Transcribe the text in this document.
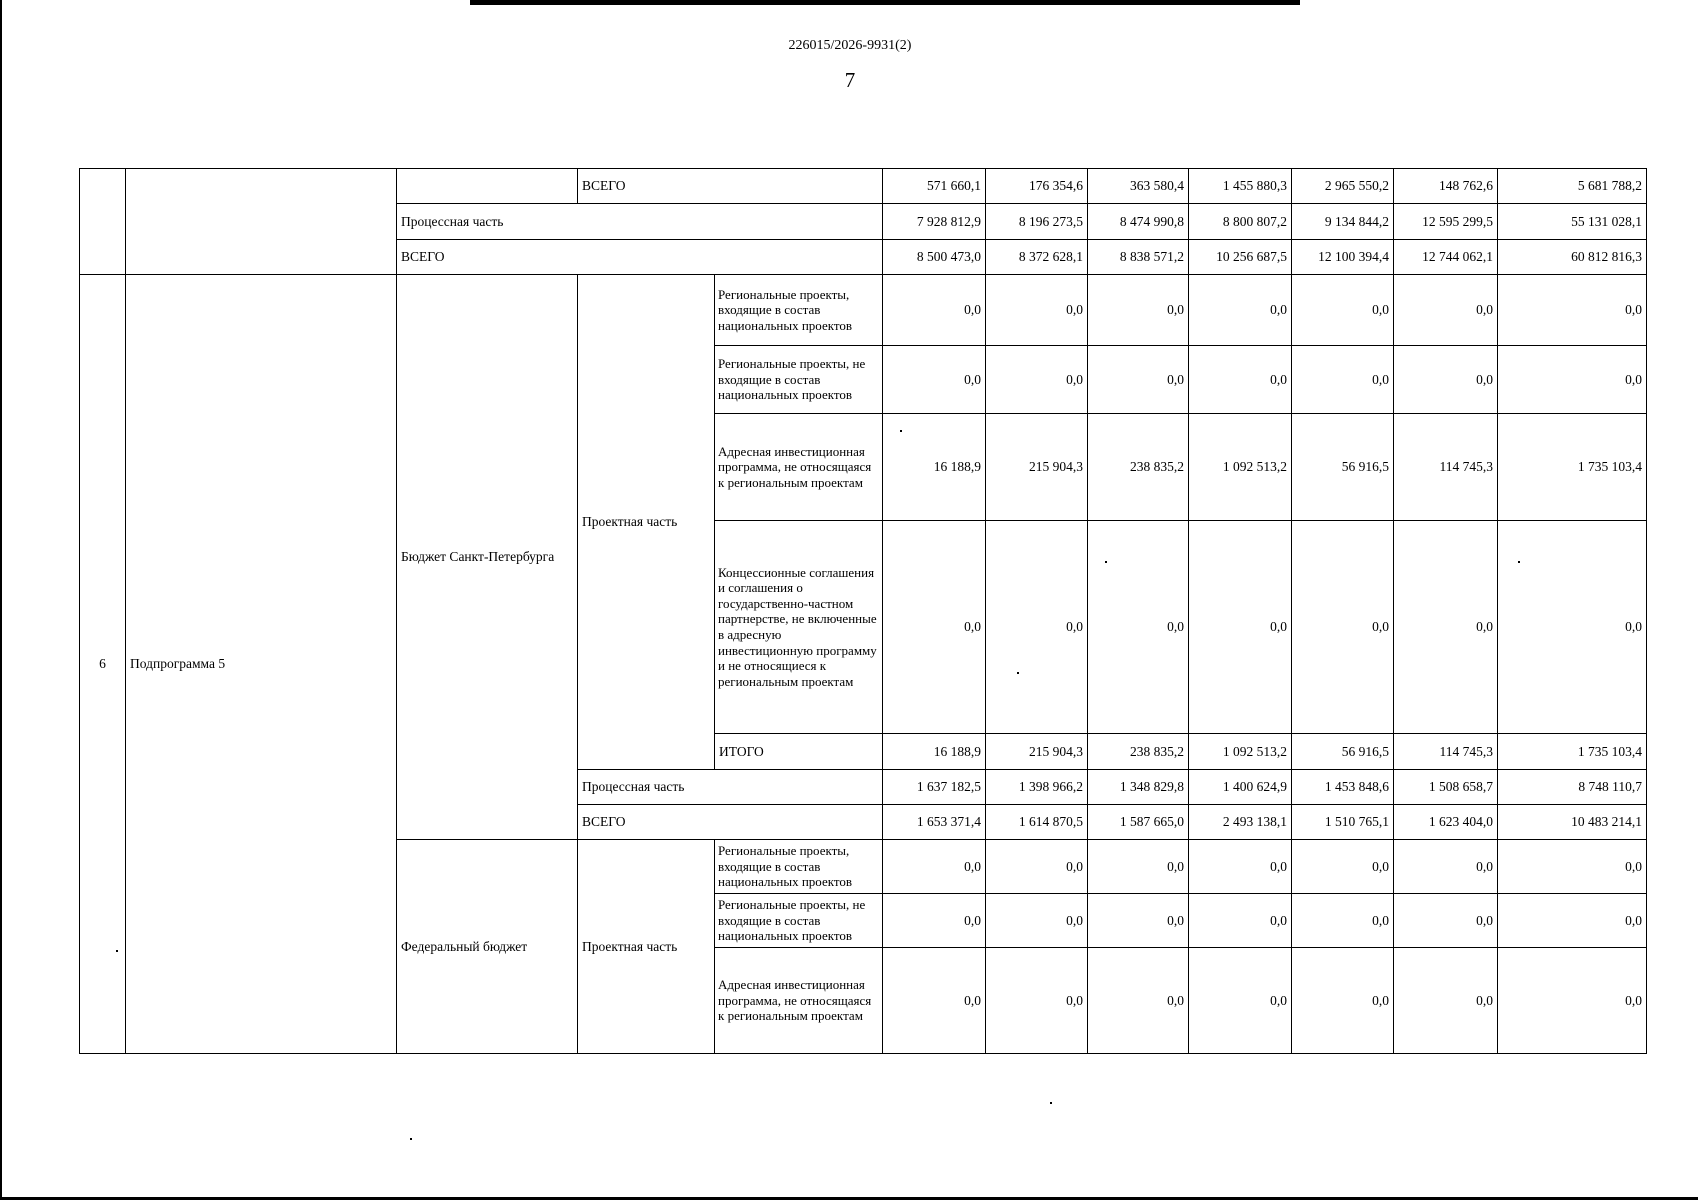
226015/2026-9931(2)
7
			ВСЕГО		571 660,1	176 354,6	363 580,4	1 455 880,3	2 965 550,2	148 762,6	5 681 788,2
		Процессная часть			7 928 812,9	8 196 273,5	8 474 990,8	8 800 807,2	9 134 844,2	12 595 299,5	55 131 028,1
		ВСЕГО			8 500 473,0	8 372 628,1	8 838 571,2	10 256 687,5	12 100 394,4	12 744 062,1	60 812 816,3
6	Подпрограмма 5	Бюджет Санкт-Петербурга	Проектная часть	Региональные проекты, входящие в состав национальных проектов	0,0	0,0	0,0	0,0	0,0	0,0	0,0
				Региональные проекты, не входящие в состав национальных проектов	0,0	0,0	0,0	0,0	0,0	0,0	0,0
				Адресная инвестиционная программа, не относящаяся к региональным проектам	16 188,9	215 904,3	238 835,2	1 092 513,2	56 916,5	114 745,3	1 735 103,4
				Концессионные соглашения и соглашения о государственно-частном партнерстве, не включенные в адресную инвестиционную программу и не относящиеся к региональным проектам	0,0	0,0	0,0	0,0	0,0	0,0	0,0
				ИТОГО	16 188,9	215 904,3	238 835,2	1 092 513,2	56 916,5	114 745,3	1 735 103,4
			Процессная часть		1 637 182,5	1 398 966,2	1 348 829,8	1 400 624,9	1 453 848,6	1 508 658,7	8 748 110,7
			ВСЕГО		1 653 371,4	1 614 870,5	1 587 665,0	2 493 138,1	1 510 765,1	1 623 404,0	10 483 214,1

		Федеральный бюджет	Проектная часть	Региональные проекты, входящие в состав национальных проектов	0,0	0,0	0,0	0,0	0,0	0,0	0,0
				Региональные проекты, не входящие в состав национальных проектов	0,0	0,0	0,0	0,0	0,0	0,0	0,0
				Адресная инвестиционная программа, не относящаяся к региональным проектам	0,0	0,0	0,0	0,0	0,0	0,0	0,0
